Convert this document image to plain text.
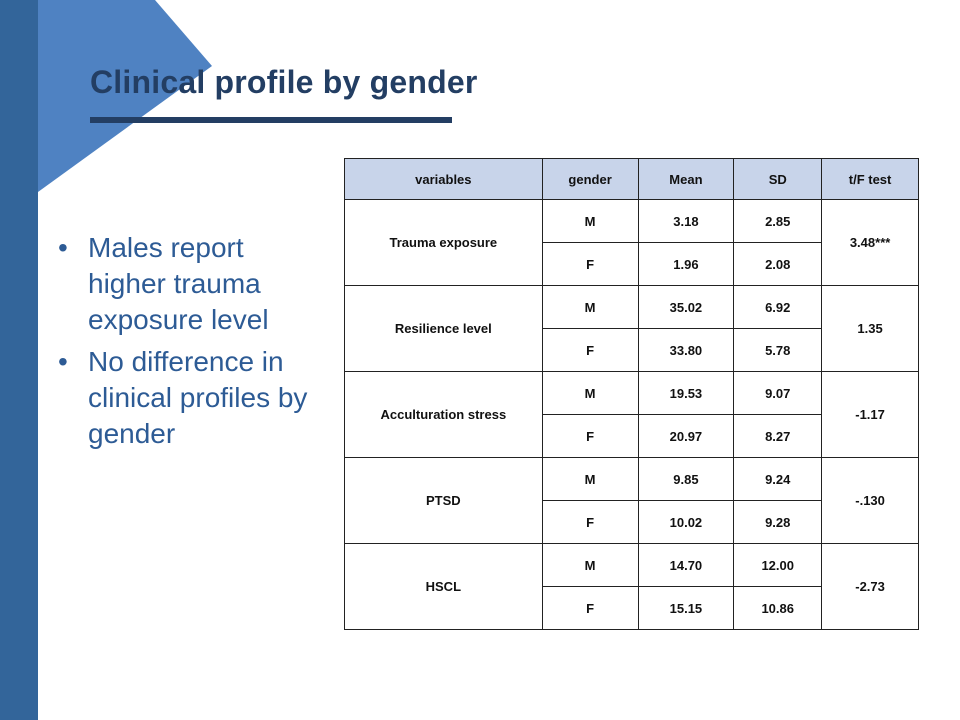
Clinical profile by gender
• Males report higher trauma exposure level
• No difference in clinical profiles by gender
variables	gender	Mean	SD	t/F test
Trauma exposure	M	3.18	2.85	3.48***
	F	1.96	2.08	
Resilience level	M	35.02	6.92	1.35
	F	33.80	5.78	
Acculturation stress	M	19.53	9.07	-1.17
	F	20.97	8.27	
PTSD	M	9.85	9.24	-.130
	F	10.02	9.28	
HSCL	M	14.70	12.00	-2.73
	F	15.15	10.86	
